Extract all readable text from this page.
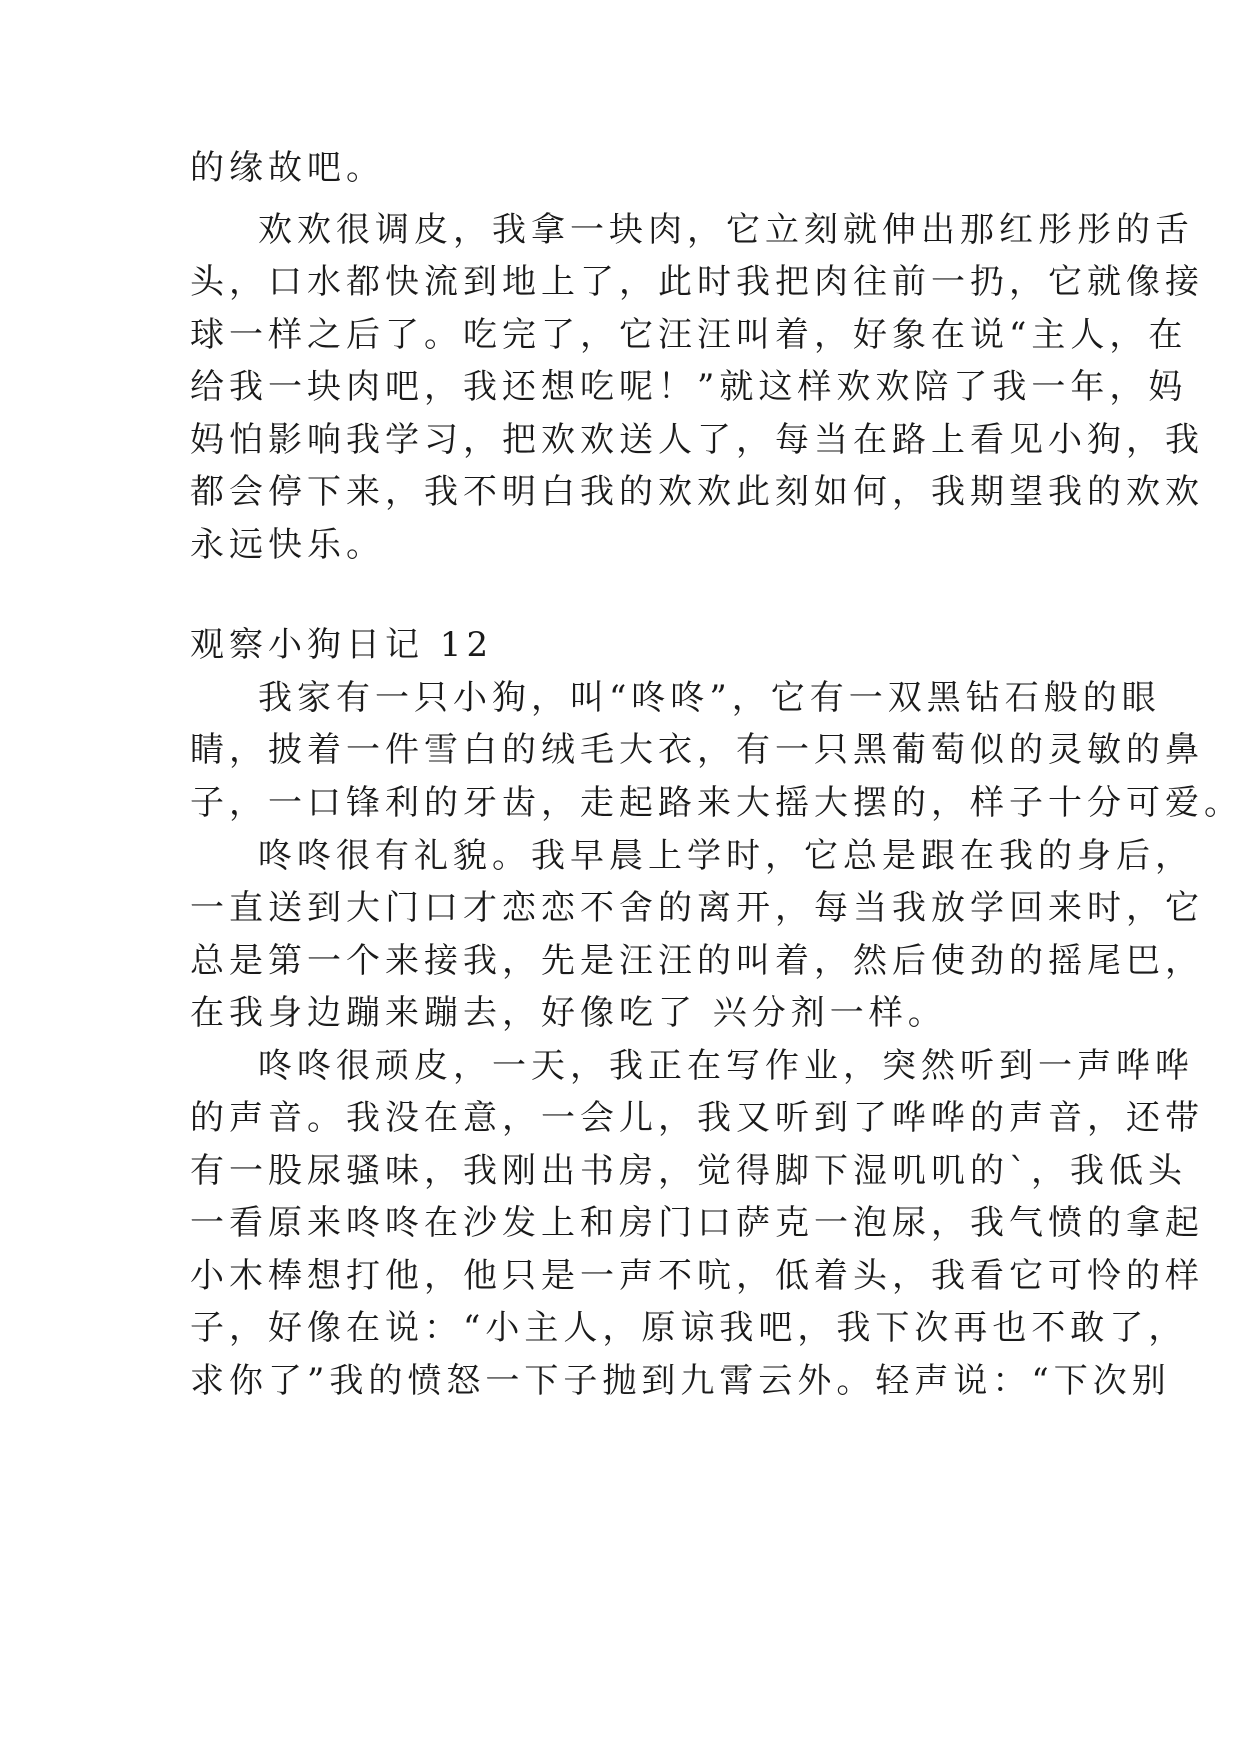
的缘故吧。
欢欢很调皮，我拿一块肉，它立刻就伸出那红彤彤的舌
头，口水都快流到地上了，此时我把肉往前一扔，它就像接
球一样之后了。吃完了，它汪汪叫着，好象在说“主人，在
给我一块肉吧，我还想吃呢！”就这样欢欢陪了我一年，妈
妈怕影响我学习，把欢欢送人了，每当在路上看见小狗，我
都会停下来，我不明白我的欢欢此刻如何，我期望我的欢欢
永远快乐。
观察小狗日记 12
我家有一只小狗，叫“咚咚”，它有一双黑钻石般的眼
睛，披着一件雪白的绒毛大衣，有一只黑葡萄似的灵敏的鼻
子，一口锋利的牙齿，走起路来大摇大摆的，样子十分可爱。
咚咚很有礼貌。我早晨上学时，它总是跟在我的身后，
一直送到大门口才恋恋不舍的离开，每当我放学回来时，它
总是第一个来接我，先是汪汪的叫着，然后使劲的摇尾巴，
在我身边蹦来蹦去，好像吃了 兴分剂一样。
咚咚很顽皮，一天，我正在写作业，突然听到一声哗哗
的声音。我没在意，一会儿，我又听到了哗哗的声音，还带
有一股尿骚味，我刚出书房，觉得脚下湿叽叽的`，我低头
一看原来咚咚在沙发上和房门口萨克一泡尿，我气愤的拿起
小木棒想打他，他只是一声不吭，低着头，我看它可怜的样
子，好像在说：“小主人，原谅我吧，我下次再也不敢了，
求你了”我的愤怒一下子抛到九霄云外。轻声说：“下次别
